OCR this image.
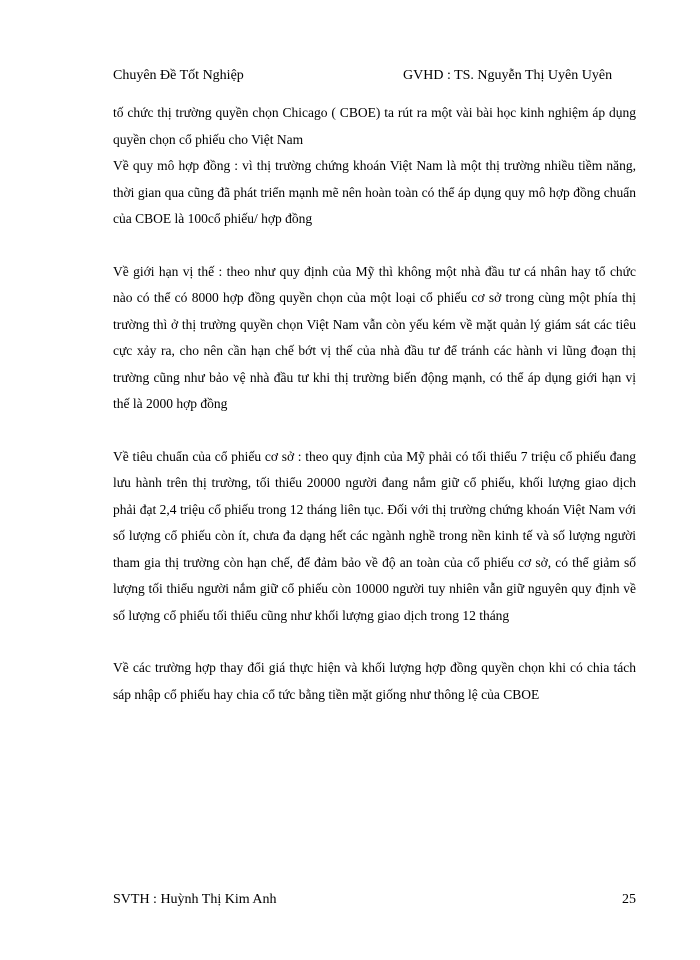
Chuyên Đề Tốt Nghiệp	GVHD : TS. Nguyễn Thị Uyên Uyên

tố chức thị trường quyền chọn Chicago ( CBOE) ta rút ra một vài bài học kinh nghiệm áp dụng quyền chọn cổ phiếu cho Việt Nam

Về quy mô hợp đồng : vì thị trường chứng khoán Việt Nam là một thị trường nhiều tiềm năng, thời gian qua cũng đã phát triển mạnh mẽ nên hoàn toàn có thể áp dụng quy mô hợp đồng chuẩn của CBOE là 100cổ phiếu/ hợp đồng

Về giới hạn vị thế : theo như quy định của Mỹ thì không một nhà đầu tư cá nhân hay tổ chức nào có thể có 8000 hợp đồng quyền chọn của một loại cổ phiếu cơ sở trong cùng một phía thị trường thì ở thị trường quyền chọn Việt Nam vẫn còn yếu kém về mặt quản lý giám sát các tiêu cực xảy ra, cho nên cần hạn chế bớt vị thế của nhà đầu tư để tránh các hành vi lũng đoạn thị trường cũng như bảo vệ nhà đầu tư khi thị trường biến động mạnh, có thể áp dụng giới hạn vị thế là 2000 hợp đồng

Về tiêu chuẩn của cổ phiếu cơ sở : theo quy định của Mỹ phải có tối thiểu 7 triệu cổ phiếu đang lưu hành trên thị trường, tối thiểu 20000 người đang nắm giữ cổ phiếu, khối lượng giao dịch phải đạt 2,4 triệu cổ phiếu trong 12 tháng liên tục. Đối với thị trường chứng khoán Việt Nam với số lượng cổ phiếu còn ít, chưa đa dạng hết các ngành nghề trong nền kinh tế và số lượng người tham gia thị trường còn hạn chế, để đảm bảo về độ an toàn của cổ phiếu cơ sở, có thể giảm số lượng tối thiểu người nắm giữ cổ phiếu còn 10000 người tuy nhiên vẫn giữ nguyên quy định về số lượng cổ phiếu tối thiểu cũng như khối lượng giao dịch trong 12 tháng

Về các trường hợp thay đổi giá thực hiện và khối lượng hợp đồng quyền chọn khi có chia tách sáp nhập cổ phiếu hay chia cổ tức bằng tiền mặt giống như thông lệ của CBOE

SVTH : Huỳnh Thị Kim Anh	25
